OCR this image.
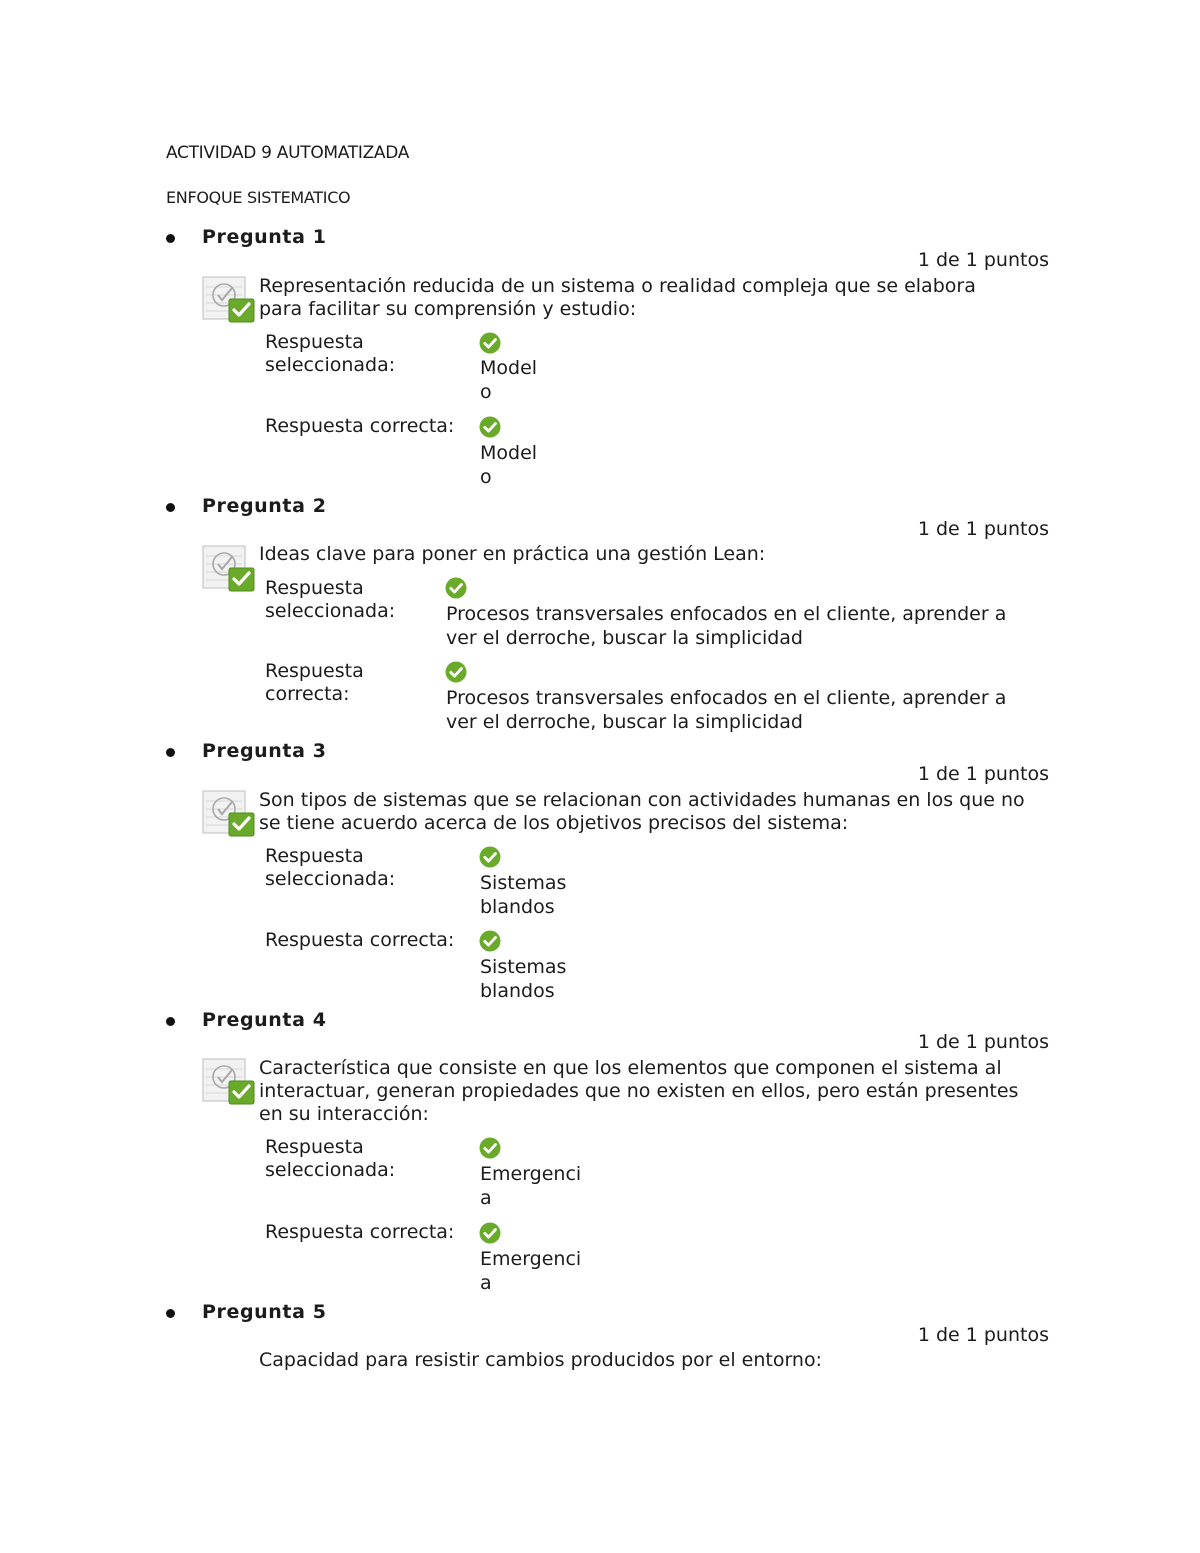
ACTIVIDAD 9 AUTOMATIZADA
ENFOQUE SISTEMATICO
Pregunta 1
1 de 1 puntos
Representación reducida de un sistema o realidad compleja que se elabora
para facilitar su comprensión y estudio:
Respuesta seleccionada:	Model
o
Respuesta correcta:
Model
o
Pregunta 2
1 de 1 puntos
Ideas clave para poner en práctica una gestión Lean:
Respuesta
seleccionada:	Procesos transversales enfocados en el cliente, aprender a
ver el derroche, buscar la simplicidad
Respuesta
correcta:	Procesos transversales enfocados en el cliente, aprender a
ver el derroche, buscar la simplicidad
Pregunta 3
1 de 1 puntos
Son tipos de sistemas que se relacionan con actividades humanas en los que no
se tiene acuerdo acerca de los objetivos precisos del sistema:
Respuesta seleccionada:	Sistemas
blandos
Respuesta correcta:
Sistemas
blandos
Pregunta 4
1 de 1 puntos
Característica que consiste en que los elementos que componen el sistema al
interactuar, generan propiedades que no existen en ellos, pero están presentes
en su interacción:
Respuesta seleccionada:	Emergenci
a
Respuesta correcta:
Emergenci
a
Pregunta 5
1 de 1 puntos
Capacidad para resistir cambios producidos por el entorno:
